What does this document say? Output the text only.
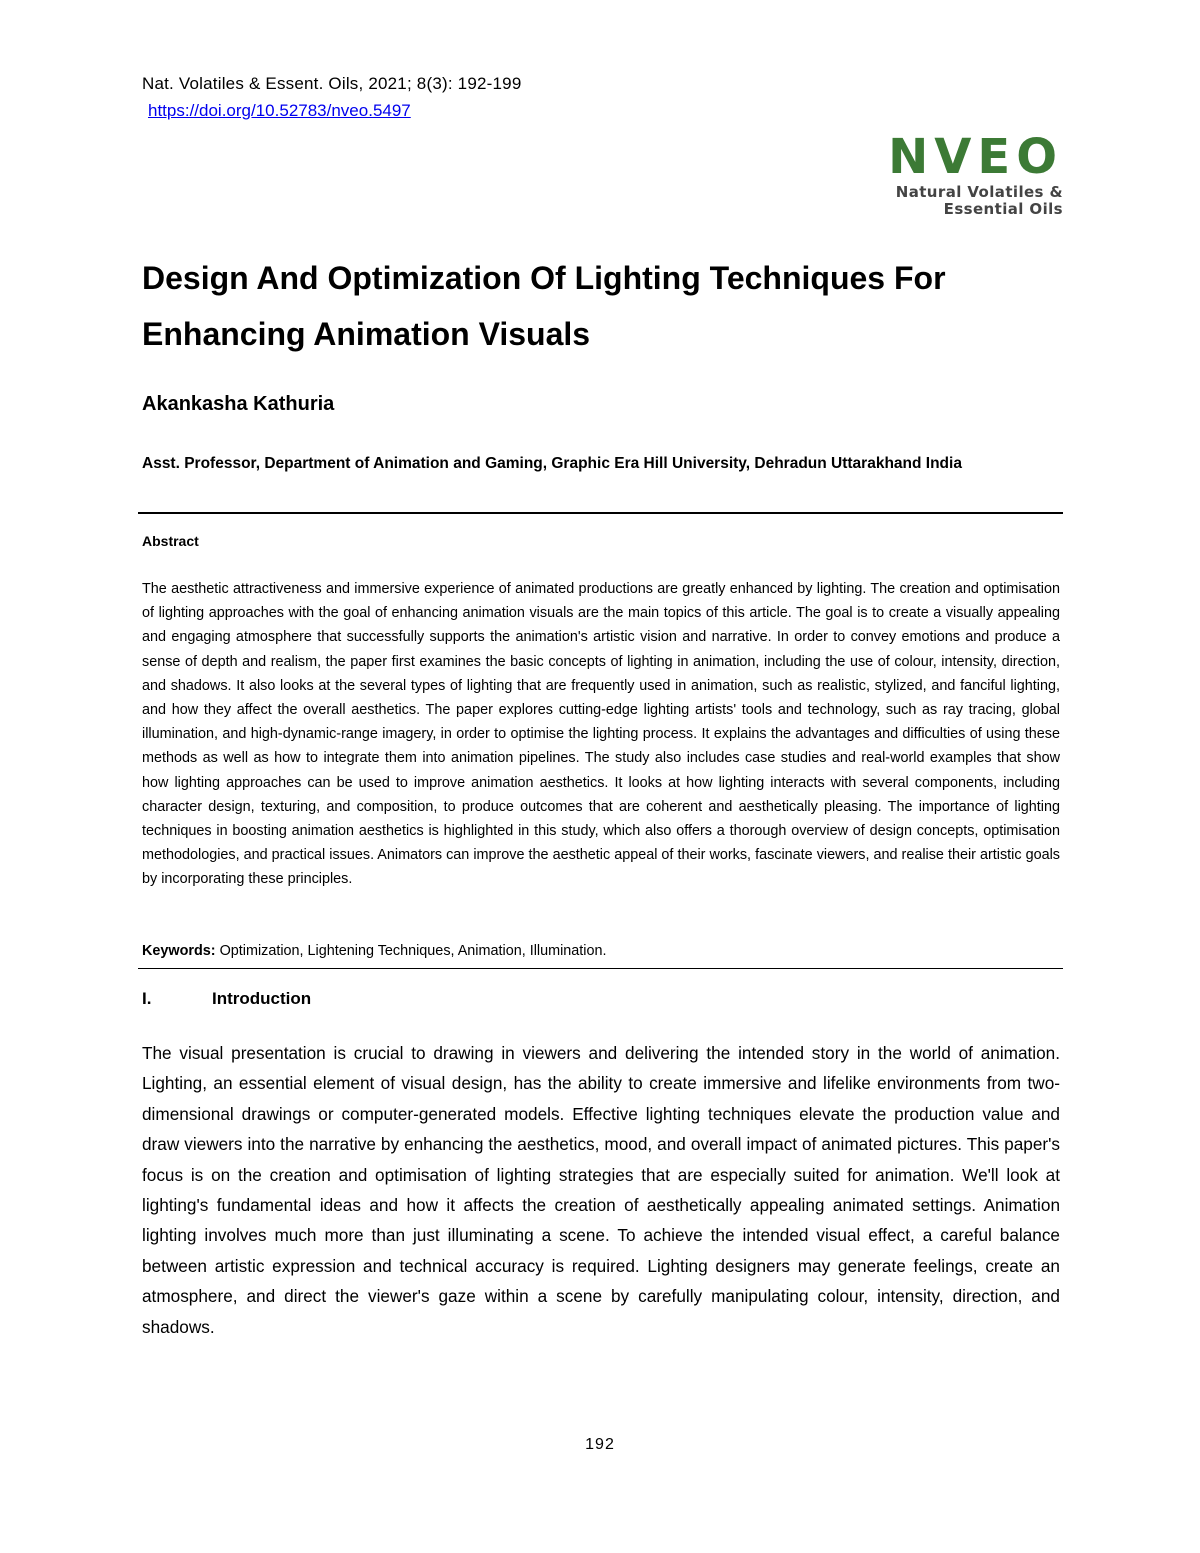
Nat. Volatiles & Essent. Oils, 2021; 8(3): 192-199
https://doi.org/10.52783/nveo.5497
NVEO
Natural Volatiles &
Essential Oils
Design And Optimization Of Lighting Techniques For Enhancing Animation Visuals

Akankasha Kathuria

Asst. Professor, Department of Animation and Gaming, Graphic Era Hill University, Dehradun Uttarakhand India

Abstract

The aesthetic attractiveness and immersive experience of animated productions are greatly enhanced by lighting. The creation and optimisation of lighting approaches with the goal of enhancing animation visuals are the main topics of this article. The goal is to create a visually appealing and engaging atmosphere that successfully supports the animation's artistic vision and narrative. In order to convey emotions and produce a sense of depth and realism, the paper first examines the basic concepts of lighting in animation, including the use of colour, intensity, direction, and shadows. It also looks at the several types of lighting that are frequently used in animation, such as realistic, stylized, and fanciful lighting, and how they affect the overall aesthetics. The paper explores cutting-edge lighting artists' tools and technology, such as ray tracing, global illumination, and high-dynamic-range imagery, in order to optimise the lighting process. It explains the advantages and difficulties of using these methods as well as how to integrate them into animation pipelines. The study also includes case studies and real-world examples that show how lighting approaches can be used to improve animation aesthetics. It looks at how lighting interacts with several components, including character design, texturing, and composition, to produce outcomes that are coherent and aesthetically pleasing. The importance of lighting techniques in boosting animation aesthetics is highlighted in this study, which also offers a thorough overview of design concepts, optimisation methodologies, and practical issues. Animators can improve the aesthetic appeal of their works, fascinate viewers, and realise their artistic goals by incorporating these principles.

Keywords: Optimization, Lightening Techniques, Animation, Illumination.

I.	Introduction

The visual presentation is crucial to drawing in viewers and delivering the intended story in the world of animation. Lighting, an essential element of visual design, has the ability to create immersive and lifelike environments from two-dimensional drawings or computer-generated models. Effective lighting techniques elevate the production value and draw viewers into the narrative by enhancing the aesthetics, mood, and overall impact of animated pictures. This paper's focus is on the creation and optimisation of lighting strategies that are especially suited for animation. We'll look at lighting's fundamental ideas and how it affects the creation of aesthetically appealing animated settings. Animation lighting involves much more than just illuminating a scene. To achieve the intended visual effect, a careful balance between artistic expression and technical accuracy is required. Lighting designers may generate feelings, create an atmosphere, and direct the viewer's gaze within a scene by carefully manipulating colour, intensity, direction, and shadows.

192
